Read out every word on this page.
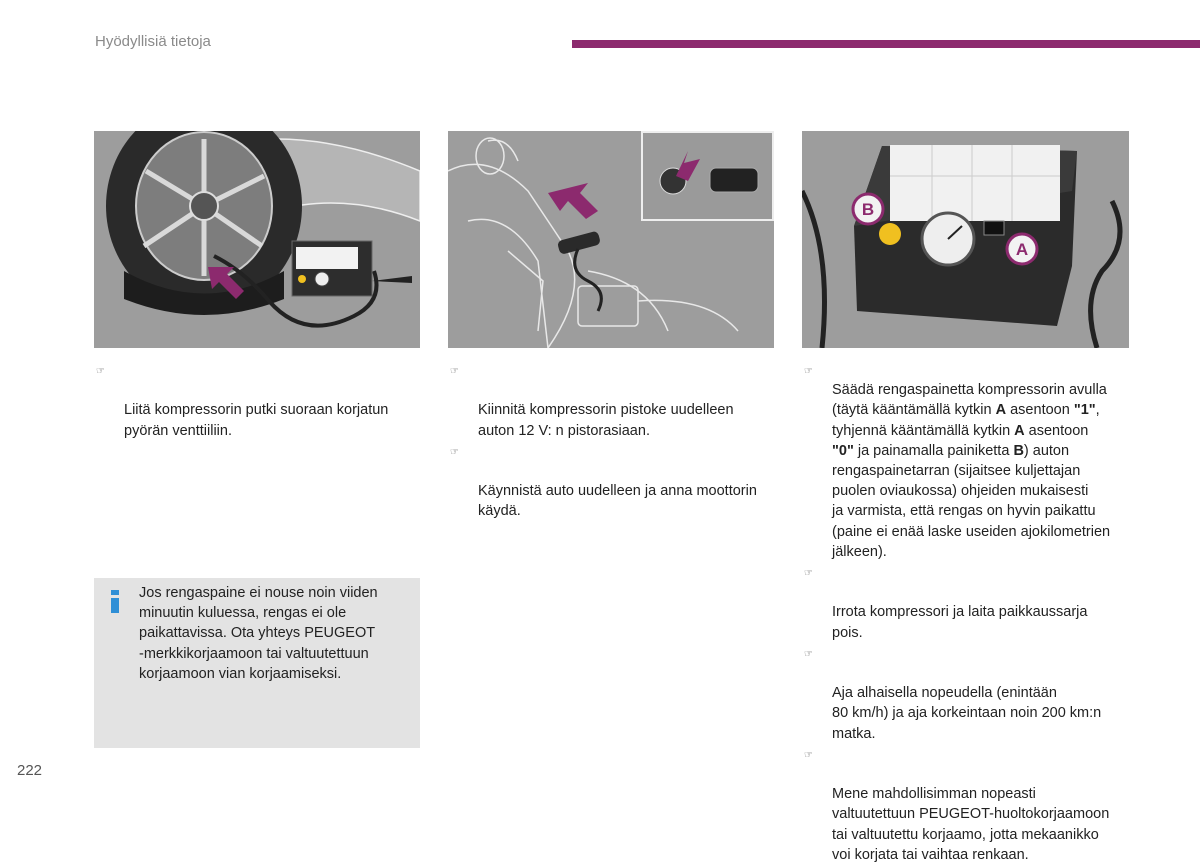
Hyödyllisiä tietoja
B
A

☞

Liitä kompressorin putki suoraan korjatun
pyörän venttiiliin.

☞

Kiinnitä kompressorin pistoke uudelleen
auton 12 V: n pistorasiaan.

☞

Käynnistä auto uudelleen ja anna moottorin
käydä.

☞
Säädä rengaspainetta kompressorin avulla
(täytä kääntämällä kytkin A asentoon "1",
tyhjennä kääntämällä kytkin A asentoon
"0" ja painamalla painiketta B) auton
rengaspainetarran (sijaitsee kuljettajan
puolen oviaukossa) ohjeiden mukaisesti
ja varmista, että rengas on hyvin paikattu
(paine ei enää laske useiden ajokilometrien
jälkeen).

☞

Irrota kompressori ja laita paikkaussarja
pois.

☞

Aja alhaisella nopeudella (enintään
80 km/h) ja aja korkeintaan noin 200 km:n
matka.

☞

Mene mahdollisimman nopeasti
valtuutettuun PEUGEOT-huoltokorjaamoon
tai valtuutettu korjaamo, jotta mekaanikko
voi korjata tai vaihtaa renkaan.

Jos rengaspaine ei nouse noin viiden
minuutin kuluessa, rengas ei ole
paikattavissa. Ota yhteys PEUGEOT
-merkkikorjaamoon tai valtuutettuun
korjaamoon vian korjaamiseksi.
222
